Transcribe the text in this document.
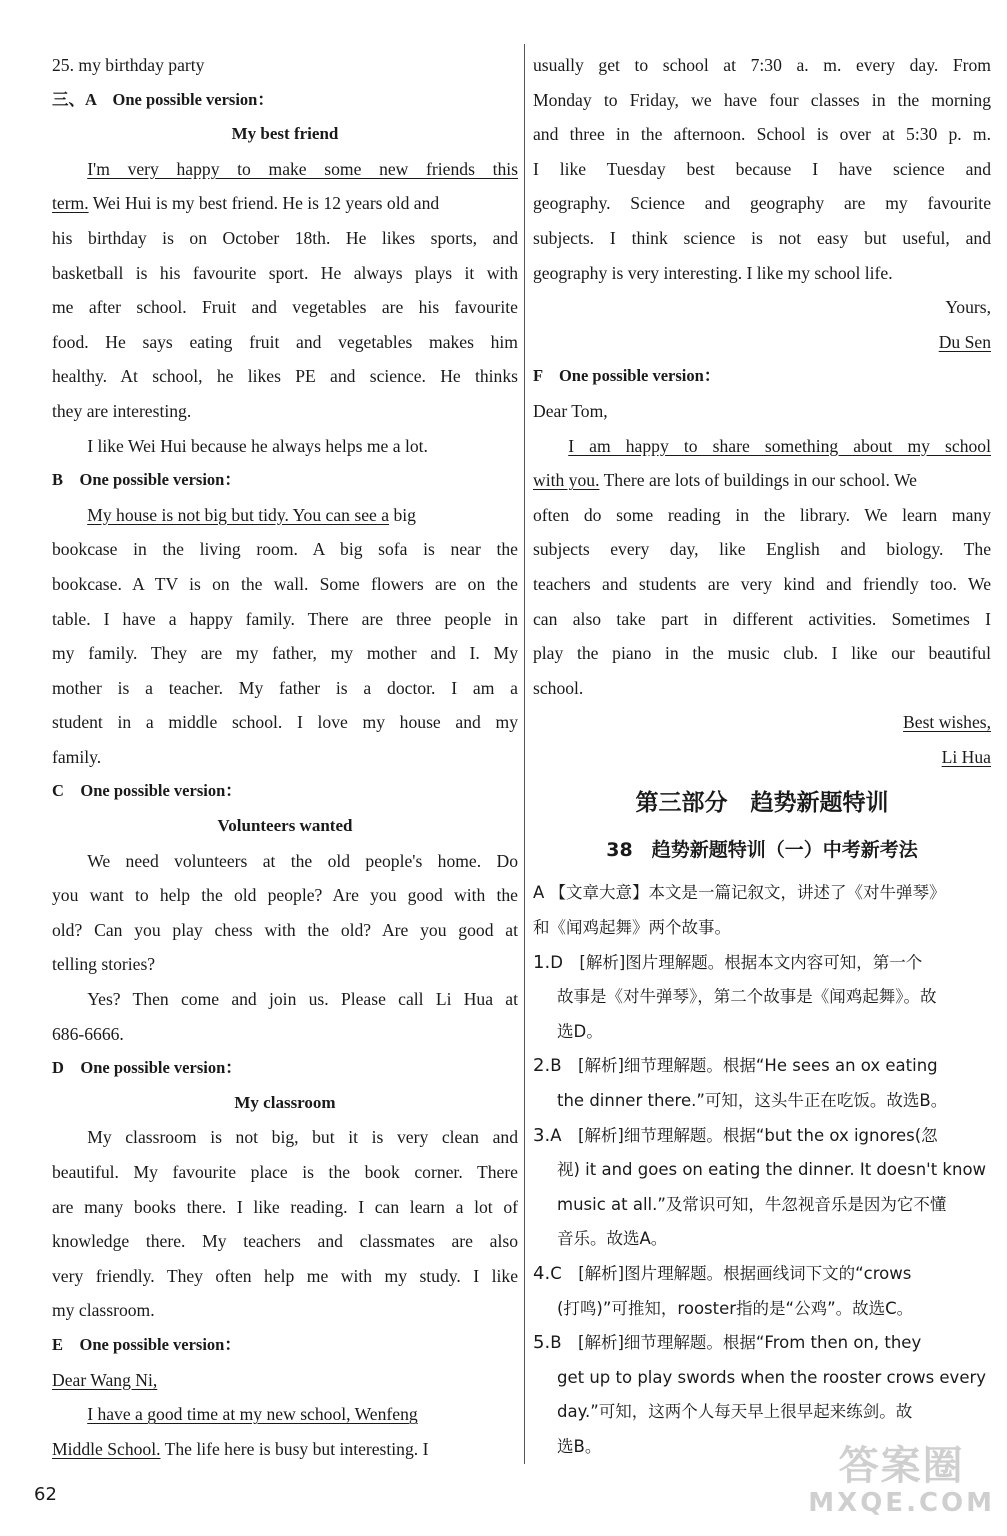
25. my birthday party
三、A　One possible version：
My best friend
I'm very happy to make some new friends this
term. Wei Hui is my best friend. He is 12 years old and
his birthday is on October 18th. He likes sports, and
basketball is his favourite sport. He always plays it with
me after school. Fruit and vegetables are his favourite
food. He says eating fruit and vegetables makes him
healthy. At school, he likes PE and science. He thinks
they are interesting.
I like Wei Hui because he always helps me a lot.
B　One possible version：
My house is not big but tidy. You can see a big
bookcase in the living room. A big sofa is near the
bookcase. A TV is on the wall. Some flowers are on the
table. I have a happy family. There are three people in
my family. They are my father, my mother and I. My
mother is a teacher. My father is a doctor. I am a
student in a middle school. I love my house and my
family.
C　One possible version：
Volunteers wanted
We need volunteers at the old people's home. Do
you want to help the old people? Are you good with the
old? Can you play chess with the old? Are you good at
telling stories?
Yes? Then come and join us. Please call Li Hua at
686-6666.
D　One possible version：
My classroom
My classroom is not big, but it is very clean and
beautiful. My favourite place is the book corner. There
are many books there. I like reading. I can learn a lot of
knowledge there. My teachers and classmates are also
very friendly. They often help me with my study. I like
my classroom.
E　One possible version：
Dear Wang Ni,
I have a good time at my new school, Wenfeng
Middle School. The life here is busy but interesting. I
usually get to school at 7:30 a. m. every day. From
Monday to Friday, we have four classes in the morning
and three in the afternoon. School is over at 5:30 p. m.
I like Tuesday best because I have science and
geography. Science and geography are my favourite
subjects. I think science is not easy but useful, and
geography is very interesting. I like my school life.
Yours,
Du Sen
F　One possible version：
Dear Tom,
I am happy to share something about my school
with you. There are lots of buildings in our school. We
often do some reading in the library. We learn many
subjects every day, like English and biology. The
teachers and students are very kind and friendly too. We
can also take part in different activities. Sometimes I
play the piano in the music club. I like our beautiful
school.
Best wishes,
Li Hua
第三部分　趋势新题特训
38　趋势新题特训（一）中考新考法
A 【文章大意】本文是一篇记叙文，讲述了《对牛弹琴》
和《闻鸡起舞》两个故事。
1.D　[解析]图片理解题。根据本文内容可知，第一个
故事是《对牛弹琴》，第二个故事是《闻鸡起舞》。故
选D。
2.B　[解析]细节理解题。根据“He sees an ox eating
the dinner there.”可知，这头牛正在吃饭。故选B。
3.A　[解析]细节理解题。根据“but the ox ignores(忽
视) it and goes on eating the dinner. It doesn't know
music at all.”及常识可知，牛忽视音乐是因为它不懂
音乐。故选A。
4.C　[解析]图片理解题。根据画线词下文的“crows
(打鸣)”可推知，rooster指的是“公鸡”。故选C。
5.B　[解析]细节理解题。根据“From then on, they
get up to play swords when the rooster crows every
day.”可知，这两个人每天早上很早起来练剑。故
选B。
62
答案圈
MXQE.COM
